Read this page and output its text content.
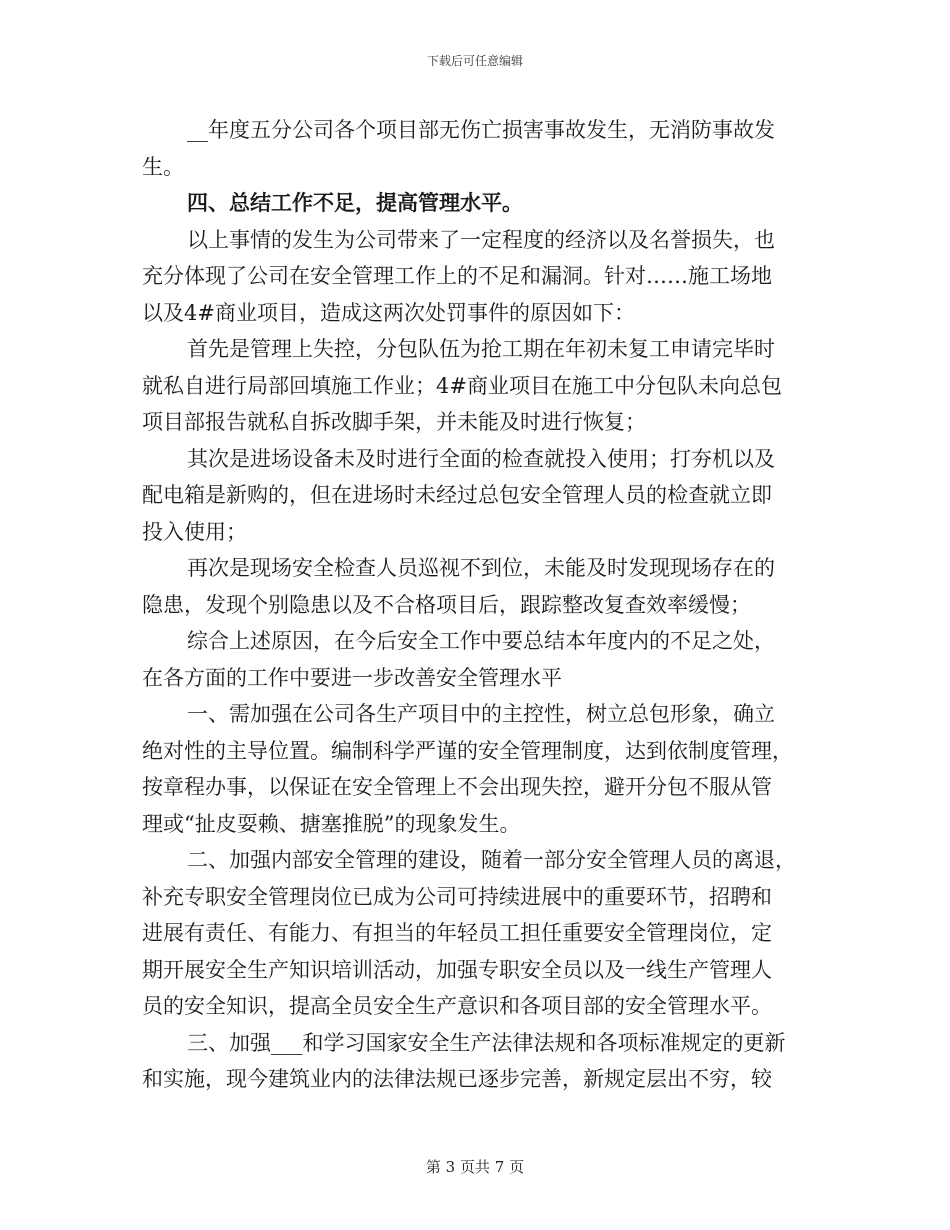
下载后可任意编辑
__年度五分公司各个项目部无伤亡损害事故发生，无消防事故发
生。
四、总结工作不足，提高管理水平。
以上事情的发生为公司带来了一定程度的经济以及名誉损失，也
充分体现了公司在安全管理工作上的不足和漏洞。针对……施工场地
以及4#商业项目，造成这两次处罚事件的原因如下：
首先是管理上失控，分包队伍为抢工期在年初未复工申请完毕时
就私自进行局部回填施工作业；4#商业项目在施工中分包队未向总包
项目部报告就私自拆改脚手架，并未能及时进行恢复；
其次是进场设备未及时进行全面的检查就投入使用；打夯机以及
配电箱是新购的，但在进场时未经过总包安全管理人员的检查就立即
投入使用；
再次是现场安全检查人员巡视不到位，未能及时发现现场存在的
隐患，发现个别隐患以及不合格项目后，跟踪整改复查效率缓慢；
综合上述原因，在今后安全工作中要总结本年度内的不足之处，
在各方面的工作中要进一步改善安全管理水平
一、需加强在公司各生产项目中的主控性，树立总包形象，确立
绝对性的主导位置。编制科学严谨的安全管理制度，达到依制度管理，
按章程办事，以保证在安全管理上不会出现失控，避开分包不服从管
理或“扯皮耍赖、搪塞推脱”的现象发生。
二、加强内部安全管理的建设，随着一部分安全管理人员的离退，
补充专职安全管理岗位已成为公司可持续进展中的重要环节，招聘和
进展有责任、有能力、有担当的年轻员工担任重要安全管理岗位，定
期开展安全生产知识培训活动，加强专职安全员以及一线生产管理人
员的安全知识，提高全员安全生产意识和各项目部的安全管理水平。
三、加强___和学习国家安全生产法律法规和各项标准规定的更新
和实施，现今建筑业内的法律法规已逐步完善，新规定层出不穷，较
第 3 页共 7 页
